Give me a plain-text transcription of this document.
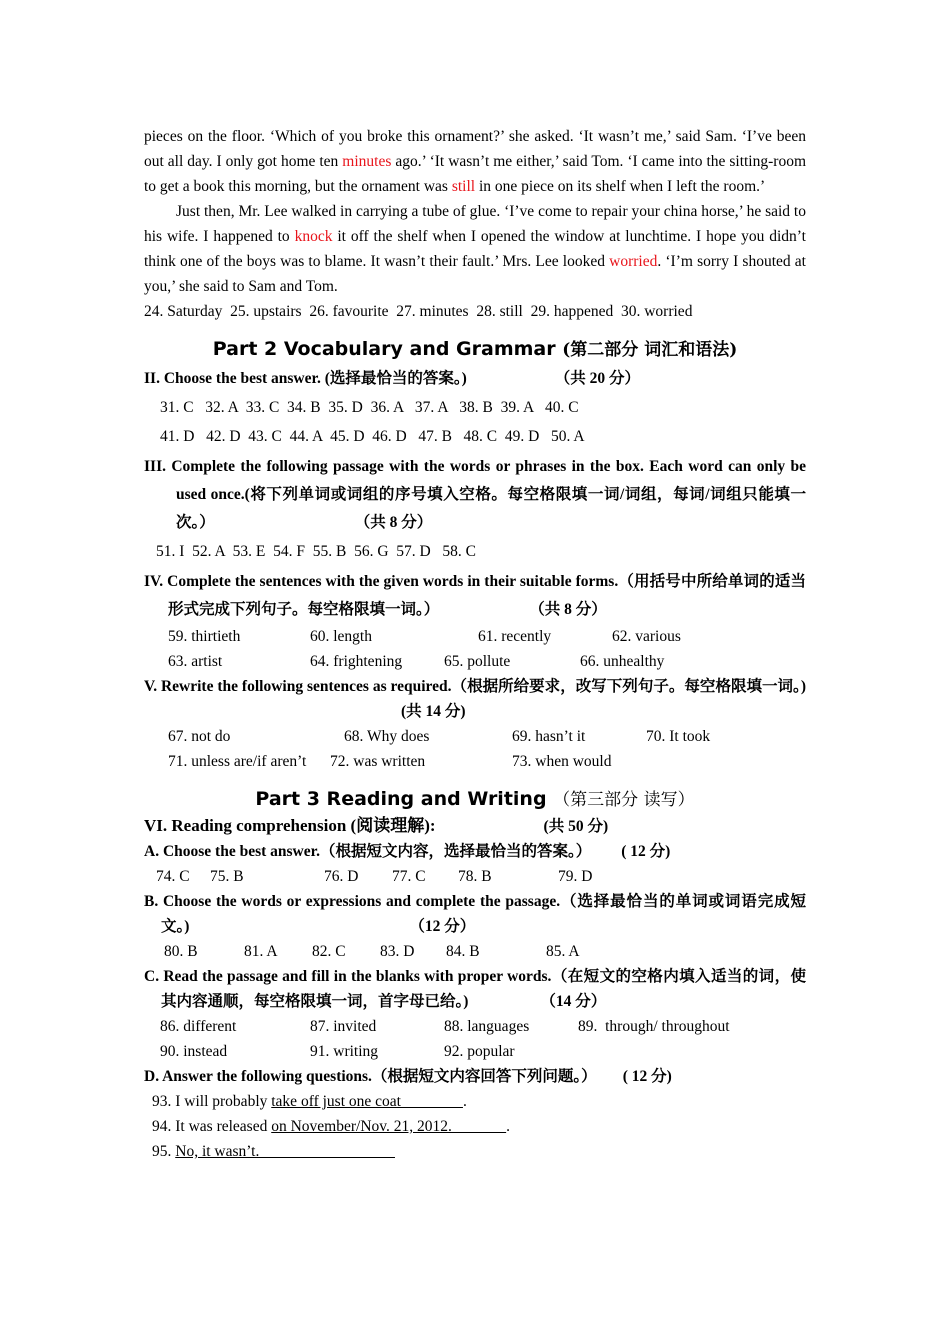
pieces on the floor. ‘Which of you broke this ornament?’ she asked. ‘It wasn’t me,’ said Sam. ‘I’ve been out all day. I only got home ten minutes ago.’ ‘It wasn’t me either,’ said Tom. ‘I came into the sitting-room to get a book this morning, but the ornament was still in one piece on its shelf when I left the room.’

Just then, Mr. Lee walked in carrying a tube of glue. ‘I’ve come to repair your china horse,’ he said to his wife. I happened to knock it off the shelf when I opened the window at lunchtime. I hope you didn’t think one of the boys was to blame. It wasn’t their fault.’ Mrs. Lee looked worried. ‘I’m sorry I shouted at you,’ she said to Sam and Tom.

24. Saturday  25. upstairs  26. favourite  27. minutes  28. still  29. happened  30. worried

Part 2 Vocabulary and Grammar (第二部分 词汇和语法)

II. Choose the best answer. (选择最恰当的答案。)	（共 20 分）

31. C   32. A  33. C  34. B  35. D  36. A   37. A   38. B  39. A   40. C

41. D   42. D  43. C  44. A  45. D  46. D   47. B   48. C  49. D   50. A

III. Complete the following passage with the words or phrases in the box. Each word can only be used once.(将下列单词或词组的序号填入空格。每空格限填一词/词组，每词/词组只能填一次。）	（共 8 分）

51. I  52. A  53. E  54. F  55. B  56. G  57. D   58. C

IV. Complete the sentences with the given words in their suitable forms.（用括号中所给单词的适当形式完成下列句子。每空格限填一词。）	（共 8 分）

59. thirtieth	60. length	61. recently	62. various
63. artist	64. frightening	65. pollute	66. unhealthy

V. Rewrite the following sentences as required.（根据所给要求，改写下列句子。每空格限填一词。)(共 14 分)

67. not do	68. Why does	69. hasn’t it	70. It took
71. unless are/if aren’t	72. was written	73. when would

Part 3 Reading and Writing （第三部分 读写）

VI. Reading comprehension (阅读理解):	(共 50 分)

A. Choose the best answer.（根据短文内容，选择最恰当的答案。） ( 12 分)

74. C	75. B	76. D	77. C	78. B	79. D

B. Choose the words or expressions and complete the passage.（选择最恰当的单词或词语完成短文。)	（12 分）

80. B	81. A	82. C	83. D	84. B	85. A

C. Read the passage and fill in the blanks with proper words.（在短文的空格内填入适当的词，使其内容通顺，每空格限填一词，首字母已给。)	（14 分）

86. different	87. invited	88. languages	89.  through/ throughout
90. instead	91. writing	92. popular

D. Answer the following questions.（根据短文内容回答下列问题。） ( 12 分)

93. I will probably take off just one coat                .

94. It was released on November/Nov. 21, 2012.              .

95. No, it wasn’t.
